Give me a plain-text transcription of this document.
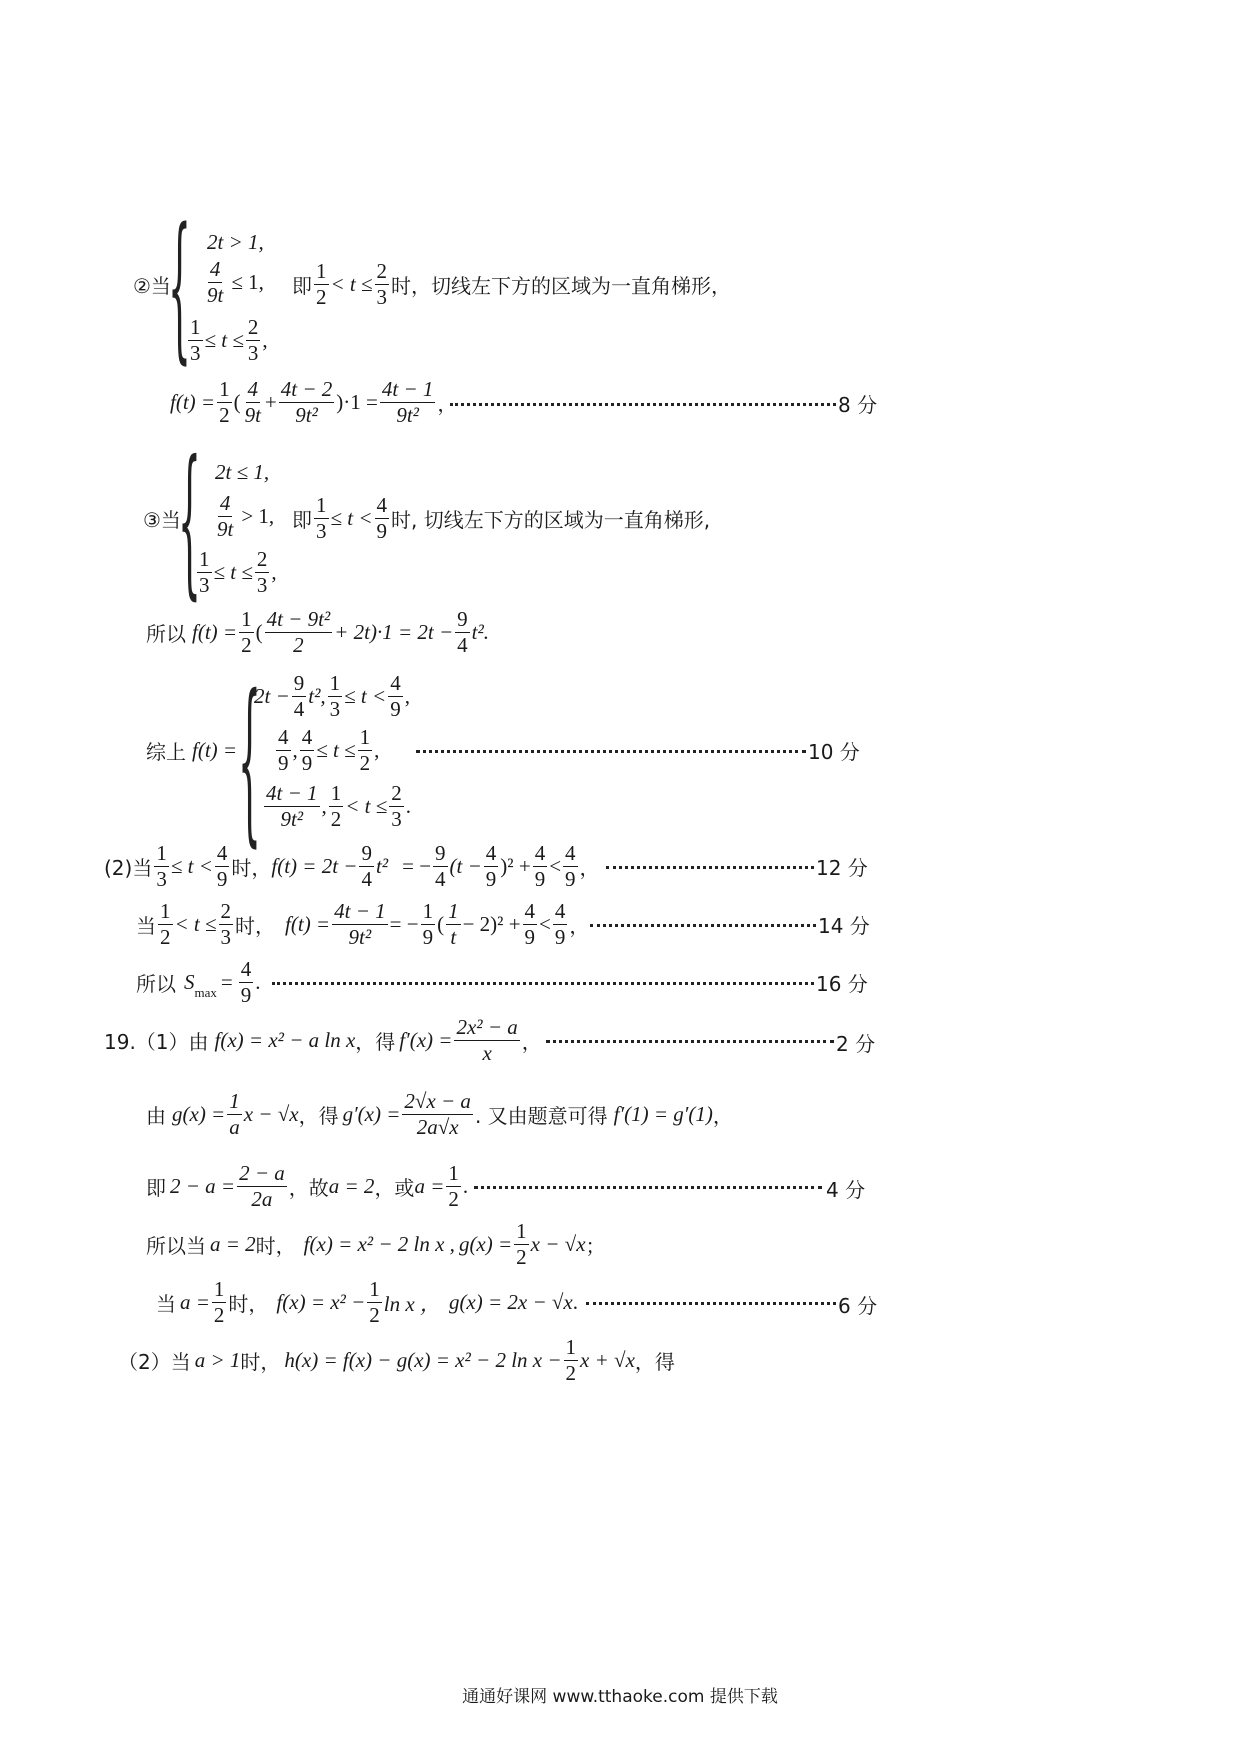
{
②当
2t > 1,
$\frac{4}{9t} \le 1$,
$\frac{1}{3} \le t \le \frac{2}{3}$ ,
即 $\frac{1}{2} < t \le \frac{2}{3}$ 时，切线左下方的区域为一直角梯形，
$f(t) = \frac{1}{2}$ ( $\frac{4}{9t} + \frac{4t - 2}{\text{9t²}} )\cdot 1 = \frac{4t - 1}{\text{9t²}}$ ，	8 分
{
③当
2t ≤ 1,
$\frac{4}{9t} > 1$,
$\frac{1}{3} \le t \le \frac{2}{3}$ ,
即 $\frac{1}{3} \le t < \frac{4}{9}$ 时, 切线左下方的区域为一直角梯形,
所以 $f(t) = \frac{1}{2}$ ( $\frac{\text{4t − 9t²}}{2} + 2t)\cdot 1 = 2t - \frac{9}{4} t^2$.
{
综上 f(t) =
$2t - \frac{9}{4} t^2$, $\frac{1}{3} \le t < \frac{4}{9}$ ,
$\frac{4}{9}$ , $\frac{4}{9} \le t \le \frac{1}{2}$ ,
$\frac{4t - 1}{\text{9t²}}$ , $\frac{1}{2} < t \le \frac{2}{3}$ .
10 分
(2)当 $\frac{1}{3} \le t < \frac{4}{9}$ 时， $f(t) = 2t - \frac{9}{4} t^2$ = − $\frac{9}{4} (t - \frac{4}{9} )^2 + \frac{4}{9} < \frac{4}{9}$ ，	12 分
当 $\frac{1}{2} < t \le \frac{2}{3}$ 时， $f(t) = \frac{4t - 1}{\text{9t²}}$ = − $\frac{1}{9}$ ( $\frac{1}{t} - 2)^2 + \frac{4}{9} < \frac{4}{9}$ ，	14 分
所以 $S_{max} = \frac{4}{9}$ .	16 分
19.（1）由 f(x) = x² − a ln x ，得 $f'(x) = \frac{\text{2x² − a}}{x}$ ，	2 分
由 $g(x) = \frac{1}{a}$ x − √x ，得 $g'(x) = \frac{2√x - a}{2a√x}$ . 又由题意可得 f′(1) = g′(1) ，
即 $2 - a = \frac{2 - a}{2a}$ ，故 a = 2 ，或 $a = \frac{1}{2}$ .	4 分
所以当 a = 2 时， f(x) = x² − 2 ln x , $g(x) = \frac{1}{2}$ x − √x ；
当 $a = \frac{1}{2}$ 时， $f(x) = x^2 - \frac{1}{2}$ ln x ， g(x) = 2x − √x .	6 分
（2）当 a > 1 时， h(x) = f(x) − g(x) = x² − 2 $\ln x - \frac{1}{2}$ x + √x ，得
通通好课网 www.tthaoke.com 提供下载
